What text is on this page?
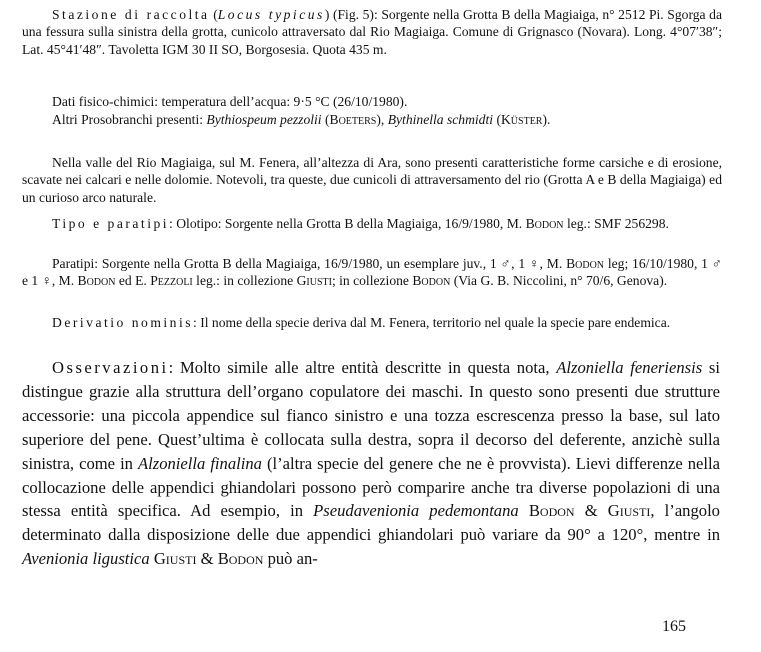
Stazione di raccolta (Locus typicus) (Fig. 5): Sorgente nella Grotta B della Magiaiga, n° 2512 Pi. Sgorga da una fessura sulla sinistra della grotta, cunicolo attraversato dal Rio Magiaiga. Comune di Grignasco (Novara). Long. 4°07′38″; Lat. 45°41′48″. Tavoletta IGM 30 II SO, Borgosesia. Quota 435 m.

Dati fisico-chimici: temperatura dell’acqua: 9·5 °C (26/10/1980).

Altri Prosobranchi presenti: Bythiospeum pezzolii (Boeters), Bythinella schmidti (Küster).

Nella valle del Rio Magiaiga, sul M. Fenera, all’altezza di Ara, sono presenti caratteristiche forme carsiche e di erosione, scavate nei calcari e nelle dolomie. Notevoli, tra queste, due cunicoli di attraversamento del rio (Grotta A e B della Magiaiga) ed un curioso arco naturale.

Tipo e paratipi: Olotipo: Sorgente nella Grotta B della Magiaiga, 16/9/1980, M. Bodon leg.: SMF 256298.

Paratipi: Sorgente nella Grotta B della Magiaiga, 16/9/1980, un esemplare juv., 1 ♂, 1 ♀, M. Bodon leg; 16/10/1980, 1 ♂ e 1 ♀, M. Bodon ed E. Pezzoli leg.: in collezione Giusti; in collezione Bodon (Via G. B. Niccolini, n° 70/6, Genova).

Derivatio nominis: Il nome della specie deriva dal M. Fenera, territorio nel quale la specie pare endemica.

Osservazioni: Molto simile alle altre entità descritte in questa nota, Alzoniella feneriensis si distingue grazie alla struttura dell’organo copulatore dei maschi. In questo sono presenti due strutture accessorie: una piccola appendice sul fianco sinistro e una tozza escrescenza presso la base, sul lato superiore del pene. Quest’ultima è collocata sulla destra, sopra il decorso del deferente, anzichè sulla sinistra, come in Alzoniella finalina (l’altra specie del genere che ne è provvista). Lievi differenze nella collocazione delle appendici ghiandolari possono però comparire anche tra diverse popolazioni di una stessa entità specifica. Ad esempio, in Pseudavenionia pedemontana Bodon & Giusti, l’angolo determinato dalla disposizione delle due appendici ghiandolari può variare da 90° a 120°, mentre in Avenionia ligustica Giusti & Bodon può an-

165
